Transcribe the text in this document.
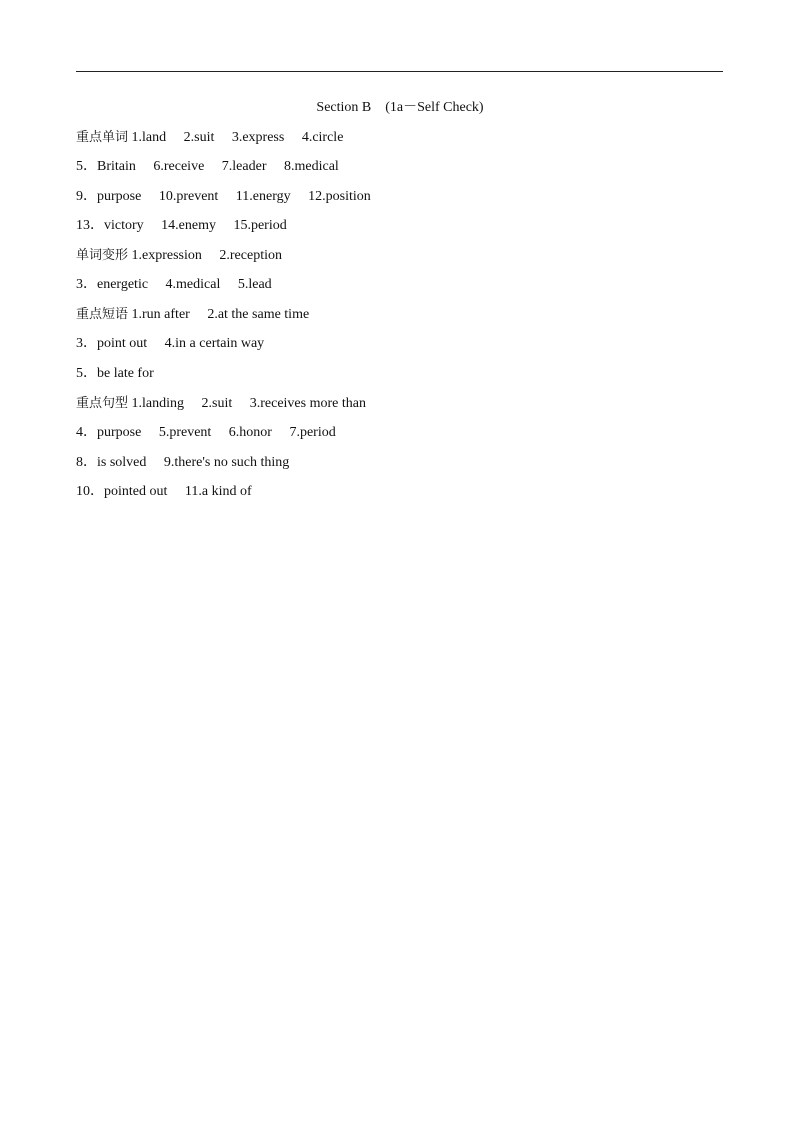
Section B　(1a－Self Check)
重点单词 1.land　 2.suit　 3.express　 4.circle
5．Britain　 6.receive　 7.leader　 8.medical
9．purpose　 10.prevent　 11.energy　 12.position
13．victory　 14.enemy　 15.period
单词变形 1.expression　 2.reception
3．energetic　 4.medical　 5.lead
重点短语 1.run after　 2.at the same time
3．point out　 4.in a certain way
5．be late for
重点句型 1.landing　 2.suit　 3.receives more than
4．purpose　 5.prevent　 6.honor　 7.period
8．is solved　 9.there's no such thing
10．pointed out　 11.a kind of
